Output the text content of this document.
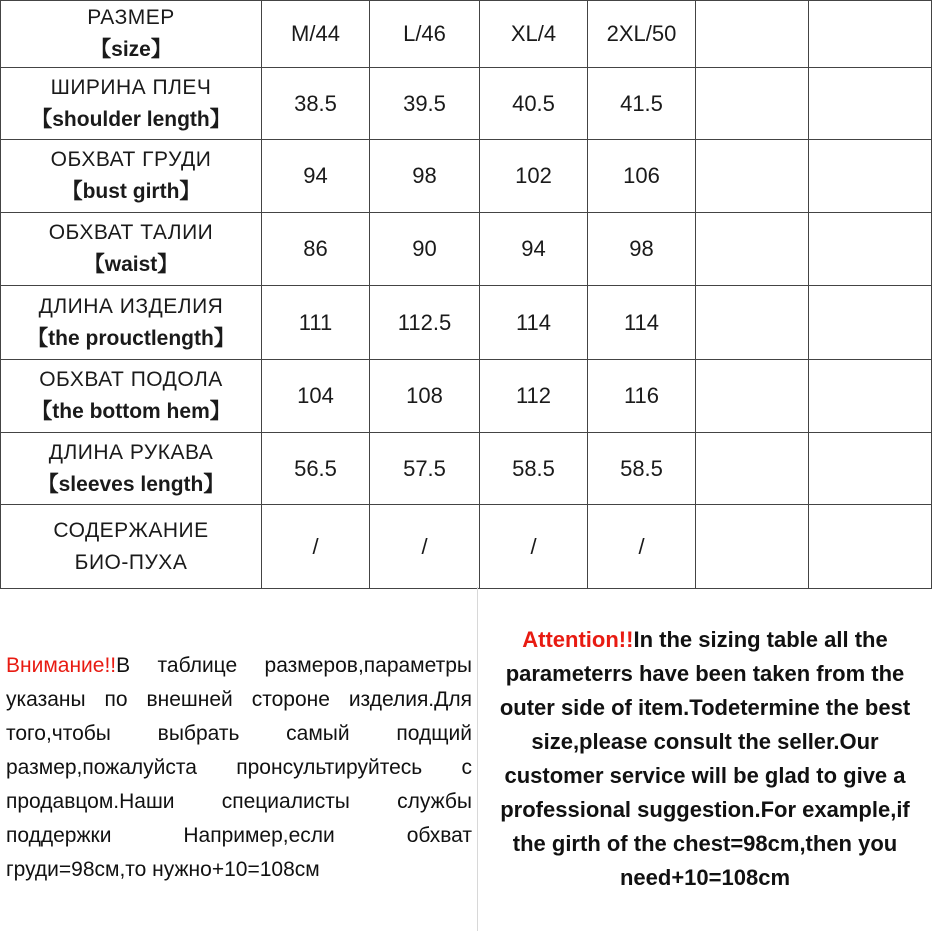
РАЗМЕР
【size】	M/44	L/46	XL/4	2XL/50		

ШИРИНА ПЛЕЧ
【shoulder length】	38.5	39.5	40.5	41.5		

ОБХВАТ ГРУДИ
【bust girth】	94	98	102	106		

ОБХВАТ ТАЛИИ
【waist】	86	90	94	98		

ДЛИНА ИЗДЕЛИЯ
【the prouctlength】	111	112.5	114	114		

ОБХВАТ ПОДОЛА
【the bottom hem】	104	108	112	116		

ДЛИНА РУКАВА
【sleeves length】	56.5	57.5	58.5	58.5		

СОДЕРЖАНИЕ
БИО-ПУХА	/	/	/	/		
Внимание!!В таблице размеров,параметры указаны по внешней стороне изделия.Для того,чтобы выбрать самый подщий размер,пожалуйста пронсультируйтесь с продавцом.Наши специалисты службы поддержки Например,если обхват груди=98см,то нужно+10=108см
Attention!!In the sizing table all the parameterrs have been taken from the outer side of item.Todetermine the best size,please consult the seller.Our customer service will be glad to give a professional suggestion.For example,if the girth of the chest=98cm,then you need+10=108cm
